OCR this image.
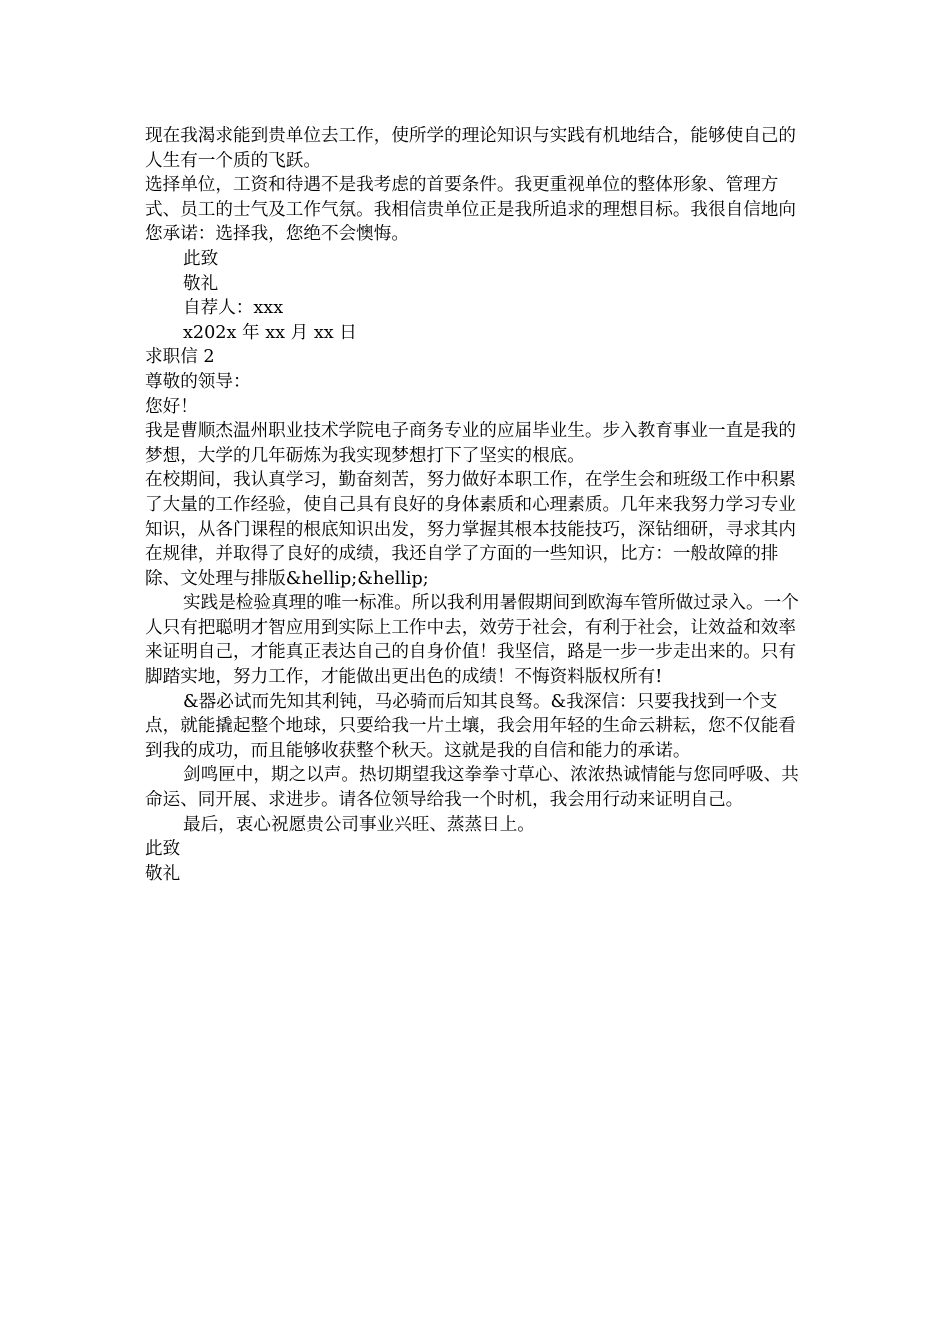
现在我渴求能到贵单位去工作，使所学的理论知识与实践有机地结合，能够使自己的人生有一个质的飞跃。

选择单位，工资和待遇不是我考虑的首要条件。我更重视单位的整体形象、管理方式、员工的士气及工作气氛。我相信贵单位正是我所追求的理想目标。我很自信地向您承诺：选择我，您绝不会懊悔。

此致

敬礼

自荐人：xxx

x202x 年 xx 月 xx 日

求职信 2

尊敬的领导：

您好！

我是曹顺杰温州职业技术学院电子商务专业的应届毕业生。步入教育事业一直是我的梦想，大学的几年砺炼为我实现梦想打下了坚实的根底。

在校期间，我认真学习，勤奋刻苦，努力做好本职工作，在学生会和班级工作中积累了大量的工作经验，使自己具有良好的身体素质和心理素质。几年来我努力学习专业知识，从各门课程的根底知识出发，努力掌握其根本技能技巧，深钻细研，寻求其内在规律，并取得了良好的成绩，我还自学了方面的一些知识，比方：一般故障的排除、文处理与排版&hellip;&hellip;

实践是检验真理的唯一标准。所以我利用暑假期间到欧海车管所做过录入。一个人只有把聪明才智应用到实际上工作中去，效劳于社会，有利于社会，让效益和效率来证明自己，才能真正表达自己的自身价值！我坚信，路是一步一步走出来的。只有脚踏实地，努力工作，才能做出更出色的成绩！不悔资料版权所有!

&器必试而先知其利钝，马必骑而后知其良驽。&我深信：只要我找到一个支点，就能撬起整个地球，只要给我一片土壤，我会用年轻的生命云耕耘，您不仅能看到我的成功，而且能够收获整个秋天。这就是我的自信和能力的承诺。

剑鸣匣中，期之以声。热切期望我这拳拳寸草心、浓浓热诚情能与您同呼吸、共命运、同开展、求进步。请各位领导给我一个时机，我会用行动来证明自己。

最后，衷心祝愿贵公司事业兴旺、蒸蒸日上。

此致

敬礼
